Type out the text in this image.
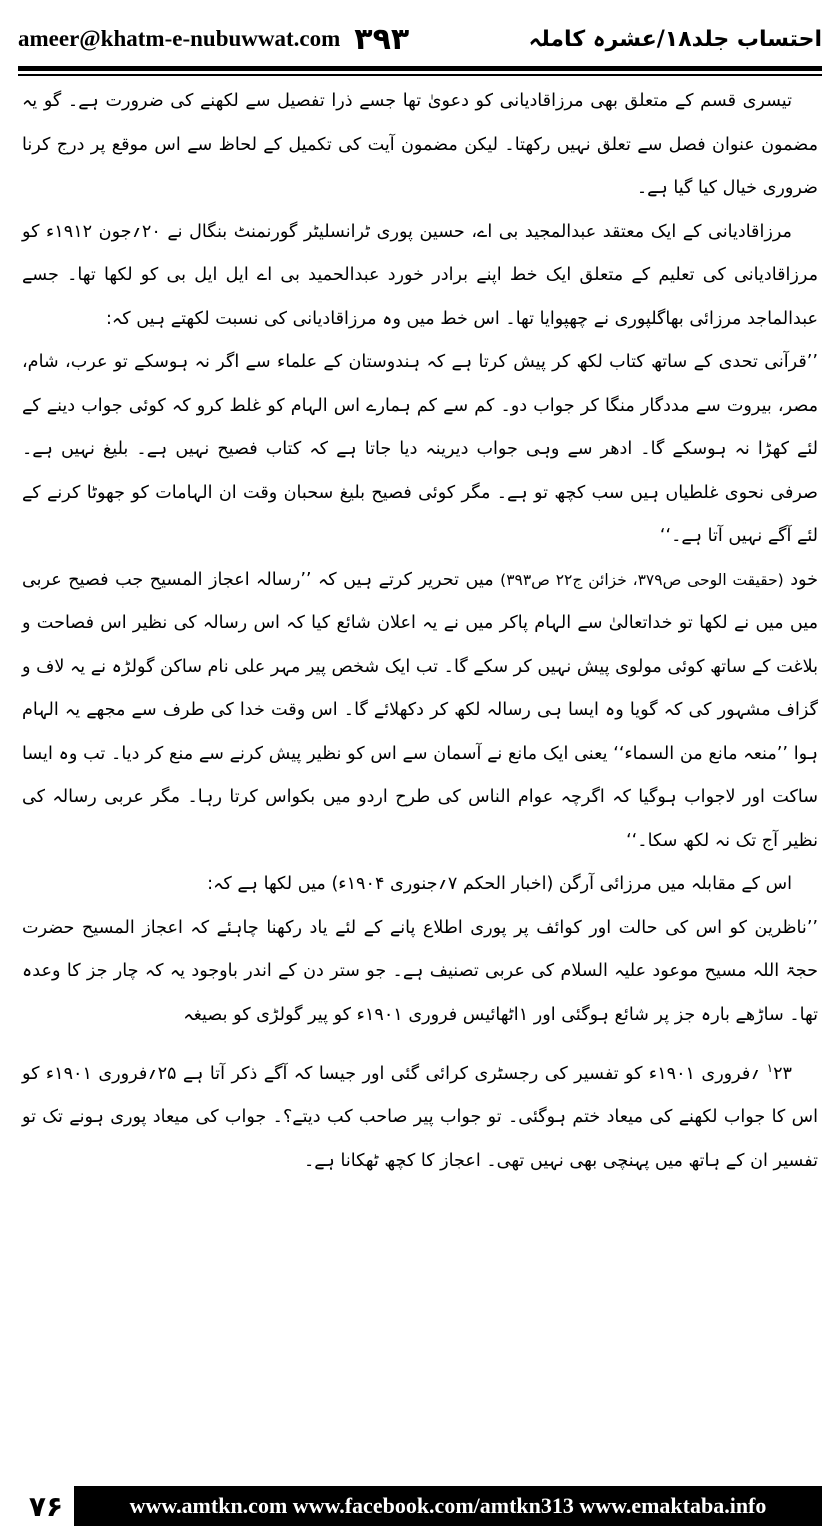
ameer@khatm-e-nubuwwat.com ۳۹۳	احتساب جلد۱۸/عشرہ کاملہ

تیسری قسم کے متعلق بھی مرزاقادیانی کو دعویٰ تھا جسے ذرا تفصیل سے لکھنے کی ضرورت ہے۔ گو یہ مضمون عنوان فصل سے تعلق نہیں رکھتا۔ لیکن مضمون آیت کی تکمیل کے لحاظ سے اس موقع پر درج کرنا ضروری خیال کیا گیا ہے۔

مرزاقادیانی کے ایک معتقد عبدالمجید بی اے، حسین پوری ٹرانسلیٹر گورنمنٹ بنگال نے ۲۰؍جون ۱۹۱۲ء کو مرزاقادیانی کی تعلیم کے متعلق ایک خط اپنے برادر خورد عبدالحمید بی اے ایل ایل بی کو لکھا تھا۔ جسے عبدالماجد مرزائی بھاگلپوری نے چھپوایا تھا۔ اس خط میں وہ مرزاقادیانی کی نسبت لکھتے ہیں کہ:

’’قرآنی تحدی کے ساتھ کتاب لکھ کر پیش کرتا ہے کہ ہندوستان کے علماء سے اگر نہ ہوسکے تو عرب، شام، مصر، بیروت سے مددگار منگا کر جواب دو۔ کم سے کم ہمارے اس الہام کو غلط کرو کہ کوئی جواب دینے کے لئے کھڑا نہ ہوسکے گا۔ ادھر سے وہی جواب دیرینہ دیا جاتا ہے کہ کتاب فصیح نہیں ہے۔ بلیغ نہیں ہے۔ صرفی نحوی غلطیاں ہیں سب کچھ تو ہے۔ مگر کوئی فصیح بلیغ سحبان وقت ان الہامات کو جھوٹا کرنے کے لئے آگے نہیں آتا ہے۔‘‘

خود (حقیقت الوحی ص۳۷۹، خزائن ج۲۲ ص۳۹۳) میں تحریر کرتے ہیں کہ ’’رسالہ اعجاز المسیح جب فصیح عربی میں میں نے لکھا تو خداتعالیٰ سے الہام پاکر میں نے یہ اعلان شائع کیا کہ اس رسالہ کی نظیر اس فصاحت و بلاغت کے ساتھ کوئی مولوی پیش نہیں کر سکے گا۔ تب ایک شخص پیر مہر علی نام ساکن گولڑہ نے یہ لاف و گزاف مشہور کی کہ گویا وہ ایسا ہی رسالہ لکھ کر دکھلائے گا۔ اس وقت خدا کی طرف سے مجھے یہ الہام ہوا ’’منعہ مانع من السماء‘‘ یعنی ایک مانع نے آسمان سے اس کو نظیر پیش کرنے سے منع کر دیا۔ تب وہ ایسا ساکت اور لاجواب ہوگیا کہ اگرچہ عوام الناس کی طرح اردو میں بکواس کرتا رہا۔ مگر عربی رسالہ کی نظیر آج تک نہ لکھ سکا۔‘‘

اس کے مقابلہ میں مرزائی آرگن (اخبار الحکم ۷؍جنوری ۱۹۰۴ء) میں لکھا ہے کہ:

’’ناظرین کو اس کی حالت اور کوائف پر پوری اطلاع پانے کے لئے یاد رکھنا چاہئے کہ اعجاز المسیح حضرت حجۃ اللہ مسیح موعود علیہ السلام کی عربی تصنیف ہے۔ جو ستر دن کے اندر باوجود یہ کہ چار جز کا وعدہ تھا۔ ساڑھے بارہ جز پر شائع ہوگئی اور ۱اٹھائیس فروری ۱۹۰۱ء کو پیر گولڑی کو بصیغہ

$^۱$۲۳؍فروری ۱۹۰۱ء کو تفسیر کی رجسٹری کرائی گئی اور جیسا کہ آگے ذکر آتا ہے ۲۵؍فروری ۱۹۰۱ء کو اس کا جواب لکھنے کی میعاد ختم ہوگئی۔ تو جواب پیر صاحب کب دیتے؟۔ جواب کی میعاد پوری ہونے تک تو تفسیر ان کے ہاتھ میں پہنچی بھی نہیں تھی۔ اعجاز کا کچھ ٹھکانا ہے۔

۷۶	www.amtkn.com www.facebook.com/amtkn313 www.emaktaba.info
